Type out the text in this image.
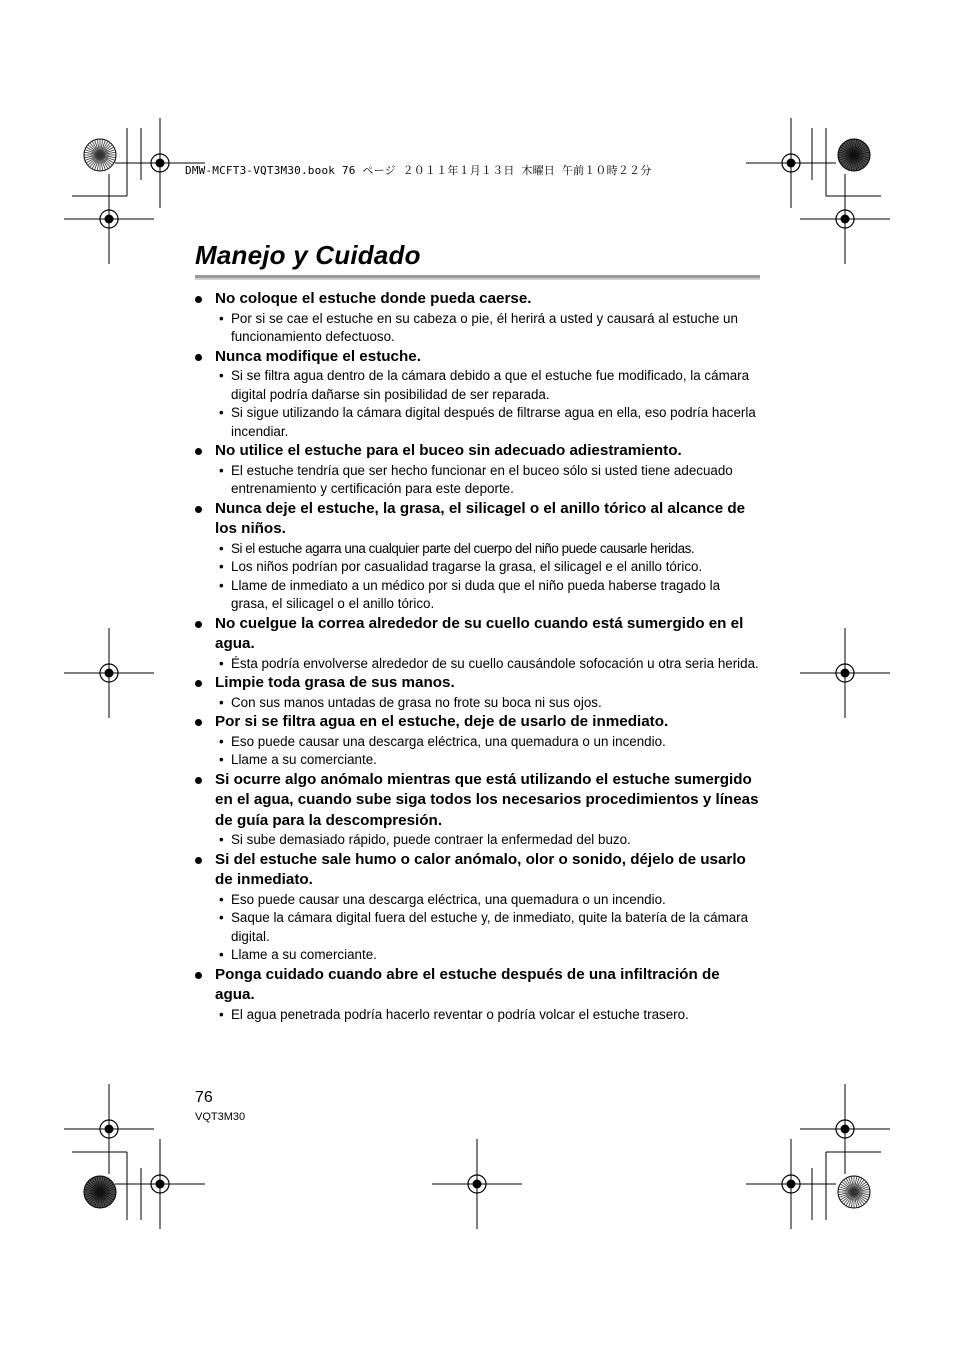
DMW-MCFT3-VQT3M30.book 76 ページ ２０１１年１月１３日 木曜日 午前１０時２２分
Manejo y Cuidado
No coloque el estuche donde pueda caerse.
• Por si se cae el estuche en su cabeza o pie, él herirá a usted y causará al estuche un funcionamiento defectuoso.
Nunca modifique el estuche.
• Si se filtra agua dentro de la cámara debido a que el estuche fue modificado, la cámara digital podría dañarse sin posibilidad de ser reparada.
• Si sigue utilizando la cámara digital después de filtrarse agua en ella, eso podría hacerla incendiar.
No utilice el estuche para el buceo sin adecuado adiestramiento.
• El estuche tendría que ser hecho funcionar en el buceo sólo si usted tiene adecuado entrenamiento y certificación para este deporte.
Nunca deje el estuche, la grasa, el silicagel o el anillo tórico al alcance de los niños.
• Si el estuche agarra una cualquier parte del cuerpo del niño puede causarle heridas.
• Los niños podrían por casualidad tragarse la grasa, el silicagel e el anillo tórico.
• Llame de inmediato a un médico por si duda que el niño pueda haberse tragado la grasa, el silicagel o el anillo tórico.
No cuelgue la correa alrededor de su cuello cuando está sumergido en el agua.
• Ésta podría envolverse alrededor de su cuello causándole sofocación u otra seria herida.
Limpie toda grasa de sus manos.
• Con sus manos untadas de grasa no frote su boca ni sus ojos.
Por si se filtra agua en el estuche, deje de usarlo de inmediato.
• Eso puede causar una descarga eléctrica, una quemadura o un incendio.
• Llame a su comerciante.
Si ocurre algo anómalo mientras que está utilizando el estuche sumergido en el agua, cuando sube siga todos los necesarios procedimientos y líneas de guía para la descompresión.
• Si sube demasiado rápido, puede contraer la enfermedad del buzo.
Si del estuche sale humo o calor anómalo, olor o sonido, déjelo de usarlo de inmediato.
• Eso puede causar una descarga eléctrica, una quemadura o un incendio.
• Saque la cámara digital fuera del estuche y, de inmediato, quite la batería de la cámara digital.
• Llame a su comerciante.
Ponga cuidado cuando abre el estuche después de una infiltración de agua.
• El agua penetrada podría hacerlo reventar o podría volcar el estuche trasero.
76
VQT3M30
